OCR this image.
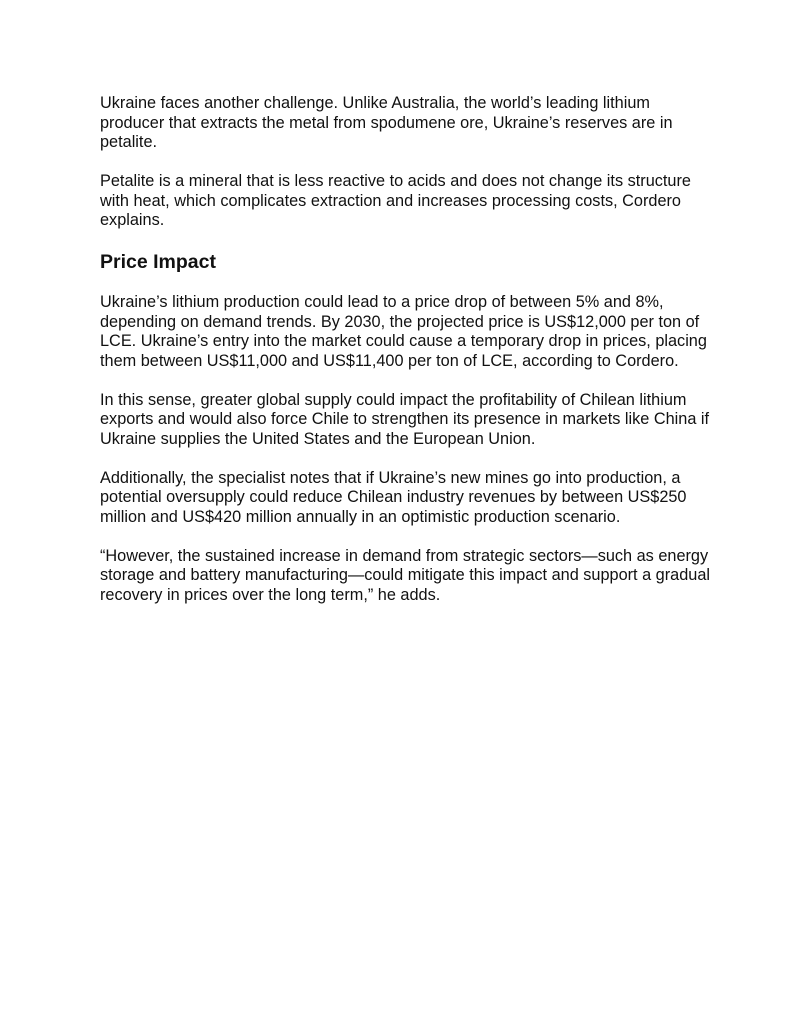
Ukraine faces another challenge. Unlike Australia, the world’s leading lithium producer that extracts the metal from spodumene ore, Ukraine’s reserves are in petalite.

Petalite is a mineral that is less reactive to acids and does not change its structure with heat, which complicates extraction and increases processing costs, Cordero explains.

Price Impact

Ukraine’s lithium production could lead to a price drop of between 5% and 8%, depending on demand trends. By 2030, the projected price is US$12,000 per ton of LCE. Ukraine’s entry into the market could cause a temporary drop in prices, placing them between US$11,000 and US$11,400 per ton of LCE, according to Cordero.

In this sense, greater global supply could impact the profitability of Chilean lithium exports and would also force Chile to strengthen its presence in markets like China if Ukraine supplies the United States and the European Union.

Additionally, the specialist notes that if Ukraine’s new mines go into production, a potential oversupply could reduce Chilean industry revenues by between US$250 million and US$420 million annually in an optimistic production scenario.

“However, the sustained increase in demand from strategic sectors—such as energy storage and battery manufacturing—could mitigate this impact and support a gradual recovery in prices over the long term,” he adds.
